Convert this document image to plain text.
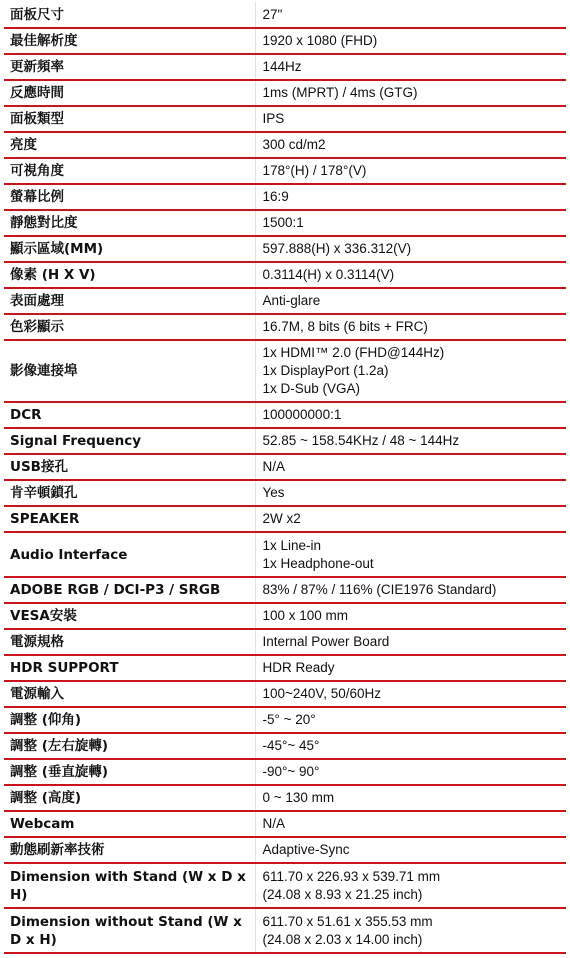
面板尺寸	27"
最佳解析度	1920 x 1080 (FHD)
更新頻率	144Hz
反應時間	1ms (MPRT) / 4ms (GTG)
面板類型	IPS
亮度	300 cd/m2
可視角度	178°(H) / 178°(V)
螢幕比例	16:9
靜態對比度	1500:1
顯示區域(MM)	597.888(H) x 336.312(V)
像素 (H X V)	0.3114(H) x 0.3114(V)
表面處理	Anti-glare
色彩顯示	16.7M, 8 bits (6 bits + FRC)
影像連接埠	1x HDMI™ 2.0 (FHD@144Hz)
1x DisplayPort (1.2a)
1x D-Sub (VGA)
DCR	100000000:1
Signal Frequency	52.85 ~ 158.54KHz / 48 ~ 144Hz
USB接孔	N/A
肯辛頓鎖孔	Yes
SPEAKER	2W x2
Audio Interface	1x Line-in
1x Headphone-out
ADOBE RGB / DCI-P3 / SRGB	83% / 87% / 116% (CIE1976 Standard)
VESA安裝	100 x 100 mm
電源規格	Internal Power Board
HDR SUPPORT	HDR Ready
電源輸入	100~240V, 50/60Hz
調整 (仰角)	-5° ~ 20°
調整 (左右旋轉)	-45°~ 45°
調整 (垂直旋轉)	-90°~ 90°
調整 (高度)	0 ~ 130 mm
Webcam	N/A
動態刷新率技術	Adaptive-Sync
Dimension with Stand (W x D x H)	611.70 x 226.93 x 539.71 mm
(24.08 x 8.93 x 21.25 inch)
Dimension without Stand (W x D x H)	611.70 x 51.61 x 355.53 mm
(24.08 x 2.03 x 14.00 inch)
